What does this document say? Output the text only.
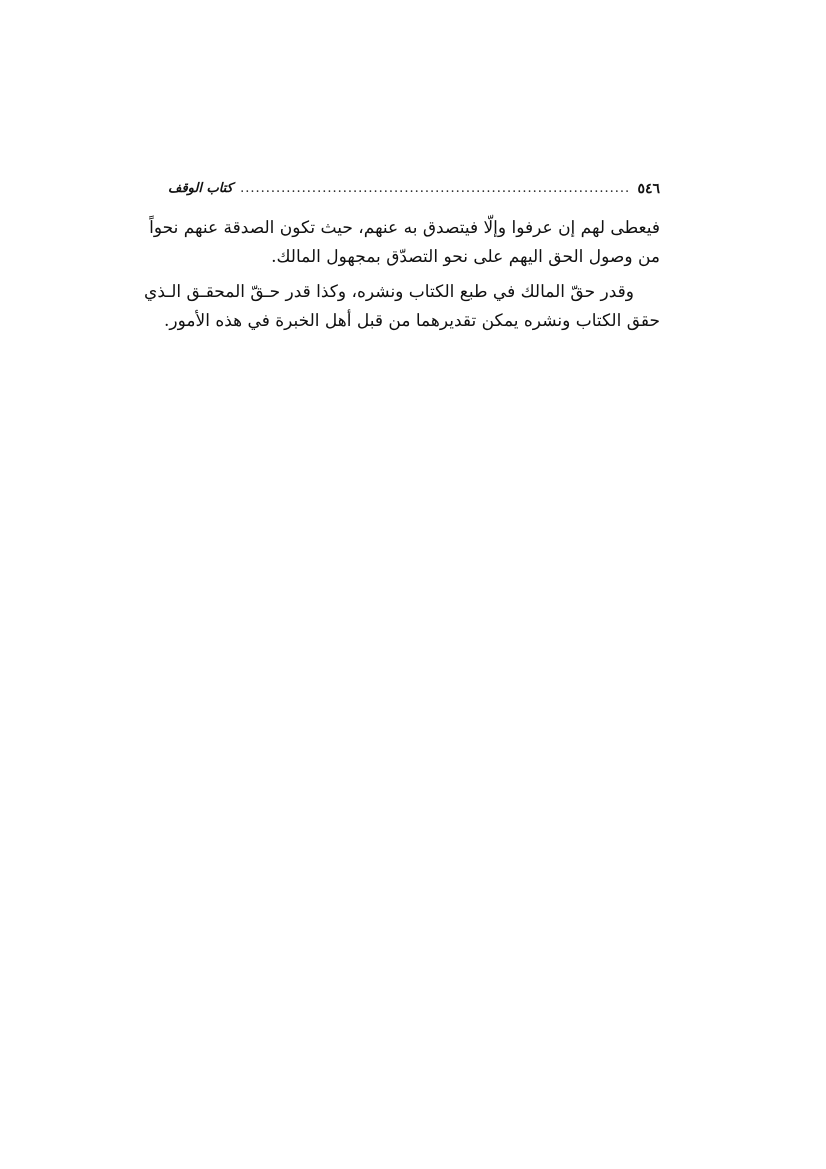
٥٤٦
............................................................................
كتاب الوقف

فيعطى لهم إن عرفوا وإلّا فيتصدق به عنهم، حيث تكون الصدقة عنهم نحواً
من وصول الحق اليهم على نحو التصدّق بمجهول المالك.

وقدر حقّ المالك في طبع الكتاب ونشره، وكذا قدر حـقّ المحقـق الـذي
حقق الكتاب ونشره يمكن تقديرهما من قبل أهل الخبرة في هذه الأمور.
